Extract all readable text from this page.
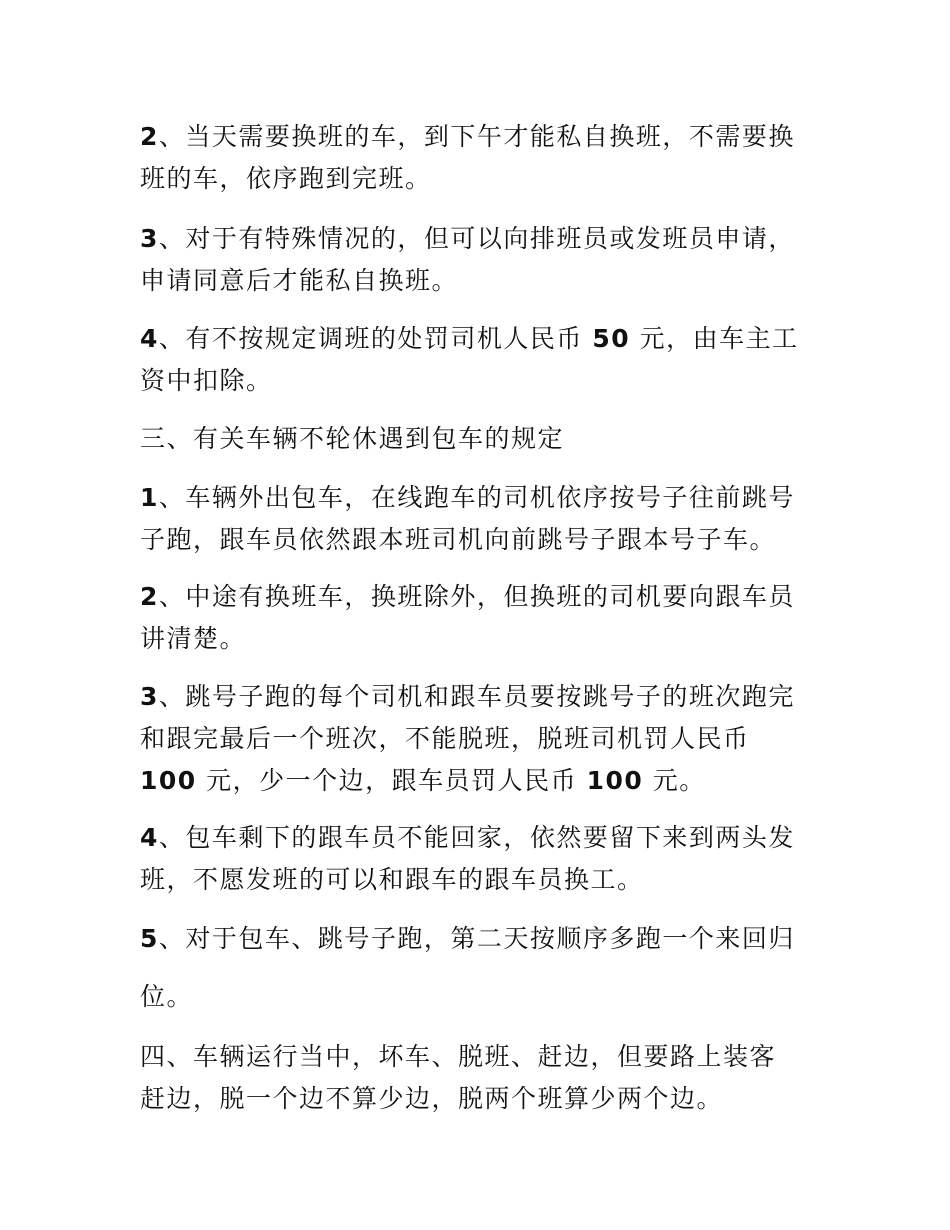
2、当天需要换班的车，到下午才能私自换班，不需要换
班的车，依序跑到完班。
3、对于有特殊情况的，但可以向排班员或发班员申请，
申请同意后才能私自换班。
4、有不按规定调班的处罚司机人民币 50 元，由车主工
资中扣除。
三、有关车辆不轮休遇到包车的规定
1、车辆外出包车，在线跑车的司机依序按号子往前跳号
子跑，跟车员依然跟本班司机向前跳号子跟本号子车。
2、中途有换班车，换班除外，但换班的司机要向跟车员
讲清楚。
3、跳号子跑的每个司机和跟车员要按跳号子的班次跑完
和跟完最后一个班次，不能脱班，脱班司机罚人民币
100 元，少一个边，跟车员罚人民币 100 元。
4、包车剩下的跟车员不能回家，依然要留下来到两头发
班，不愿发班的可以和跟车的跟车员换工。
5、对于包车、跳号子跑，第二天按顺序多跑一个来回归
位。
四、车辆运行当中，坏车、脱班、赶边，但要路上装客
赶边，脱一个边不算少边，脱两个班算少两个边。
